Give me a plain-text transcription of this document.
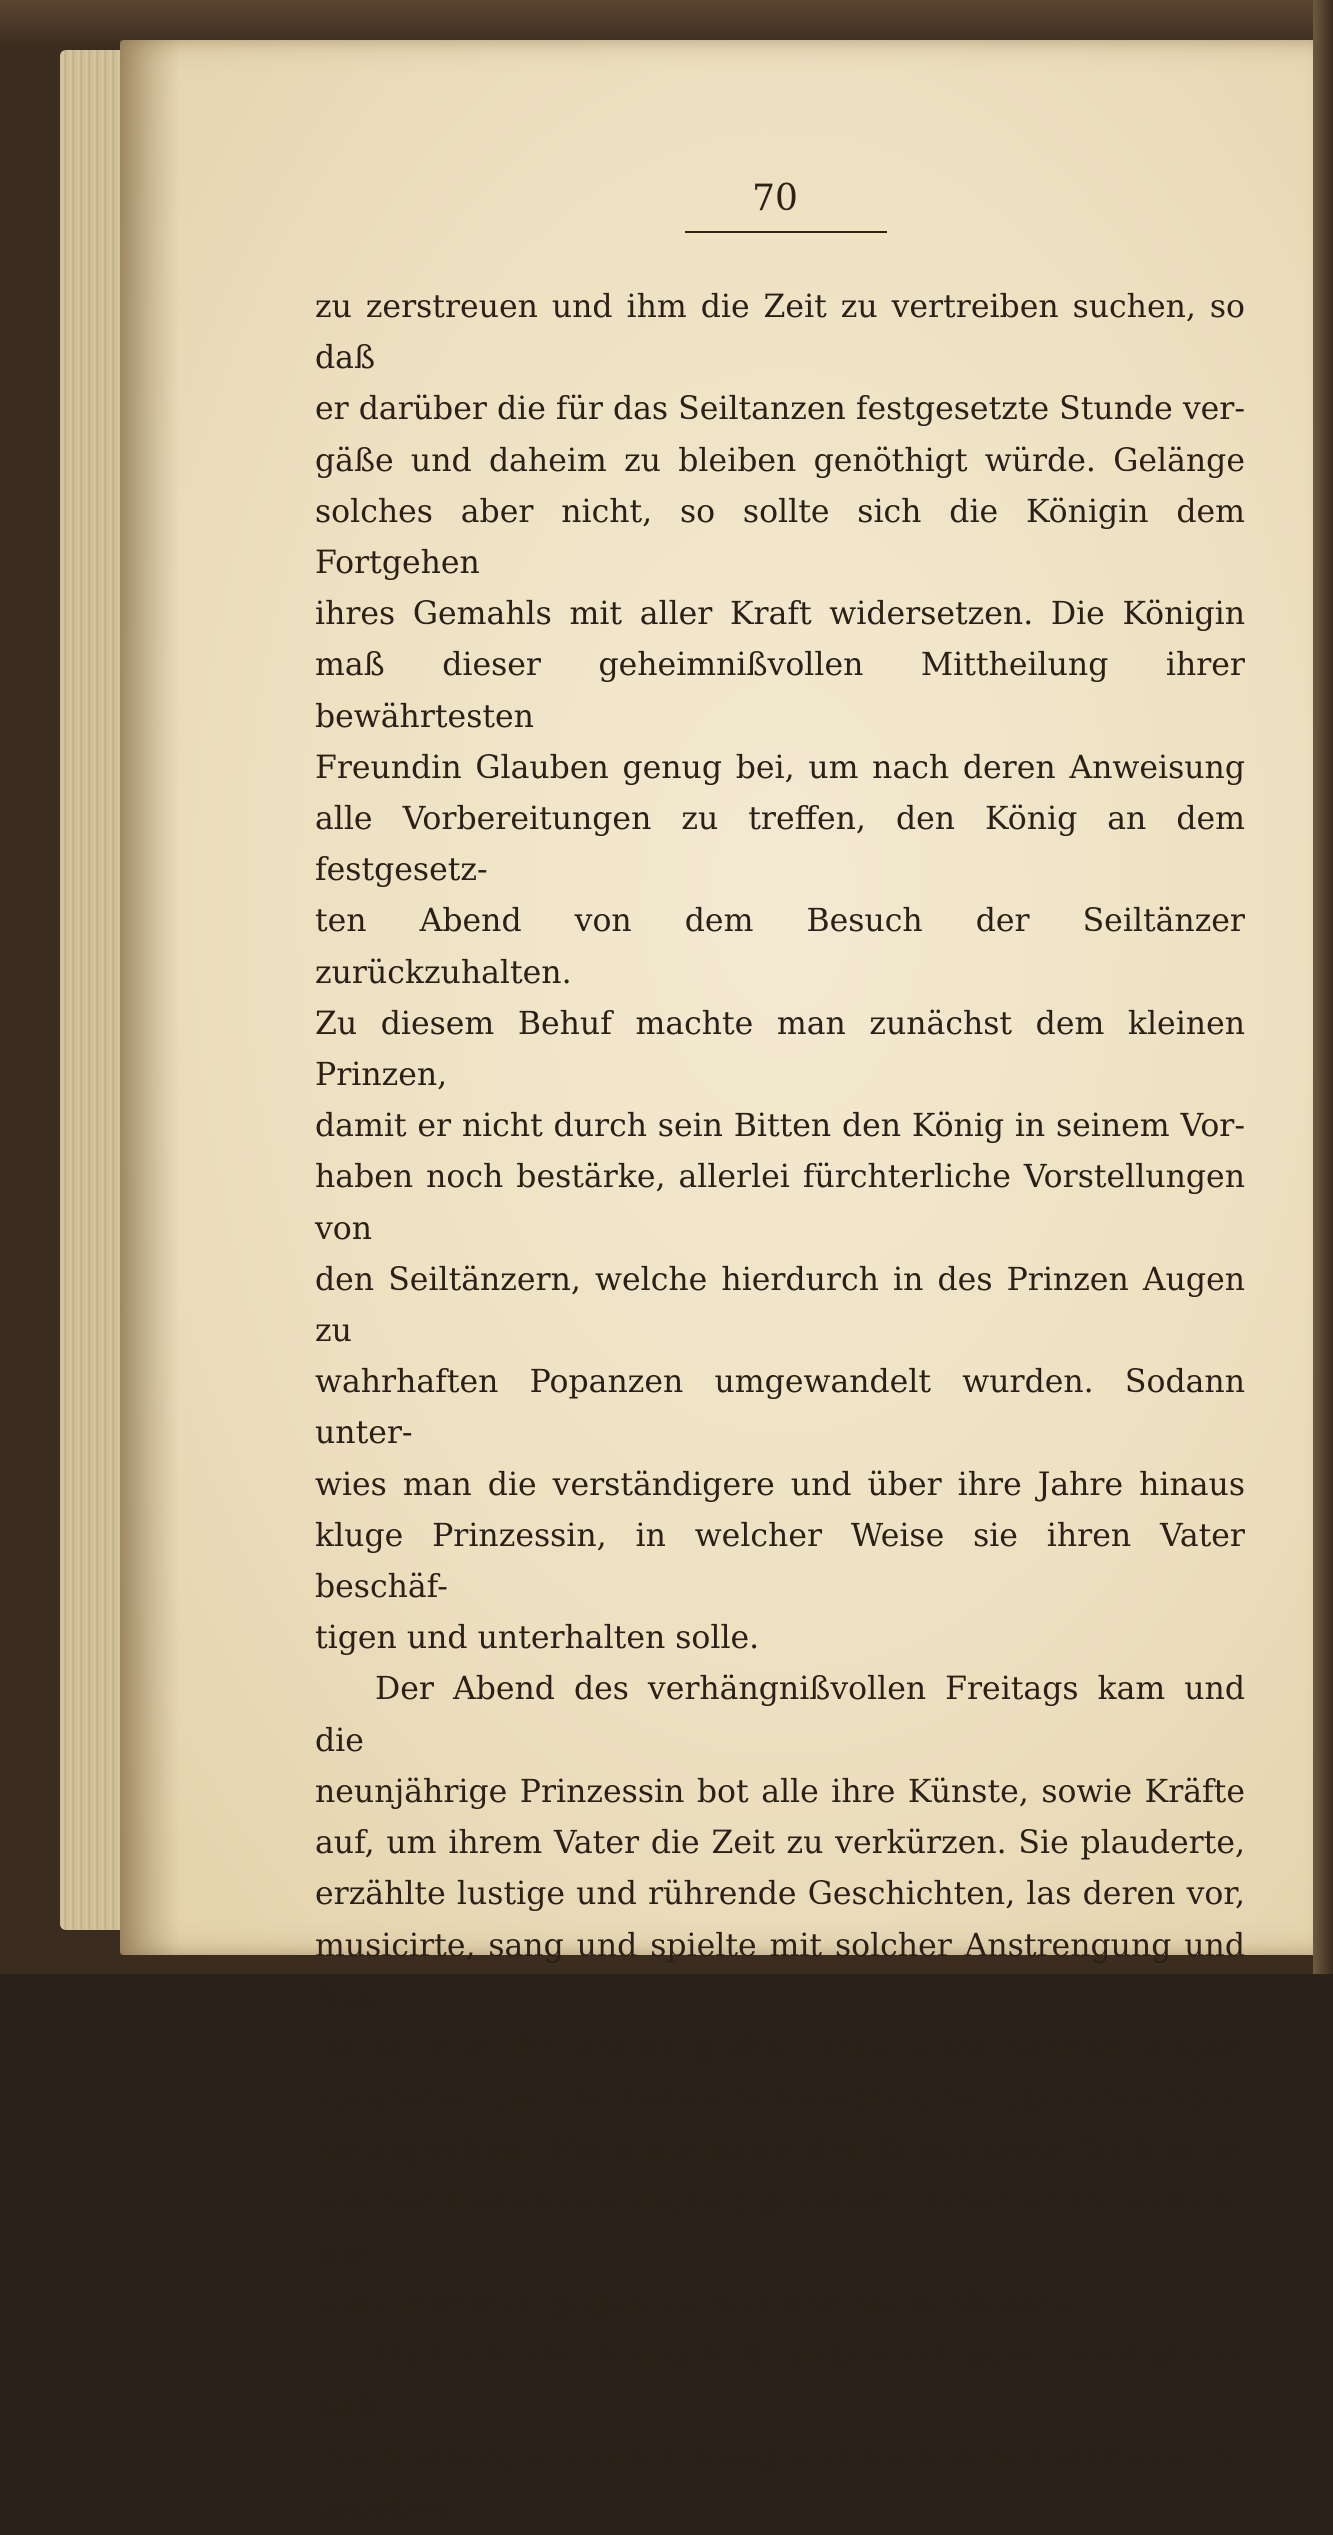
70

zu zerstreuen und ihm die Zeit zu vertreiben suchen, so daß

er darüber die für das Seiltanzen festgesetzte Stunde ver-

gäße und daheim zu bleiben genöthigt würde. Gelänge

solches aber nicht, so sollte sich die Königin dem Fortgehen

ihres Gemahls mit aller Kraft widersetzen. Die Königin

maß dieser geheimnißvollen Mittheilung ihrer bewährtesten

Freundin Glauben genug bei, um nach deren Anweisung

alle Vorbereitungen zu treffen, den König an dem festgesetz-

ten Abend von dem Besuch der Seiltänzer zurückzuhalten.

Zu diesem Behuf machte man zunächst dem kleinen Prinzen,

damit er nicht durch sein Bitten den König in seinem Vor-

haben noch bestärke, allerlei fürchterliche Vorstellungen von

den Seiltänzern, welche hierdurch in des Prinzen Augen zu

wahrhaften Popanzen umgewandelt wurden. Sodann unter-

wies man die verständigere und über ihre Jahre hinaus

kluge Prinzessin, in welcher Weise sie ihren Vater beschäf-

tigen und unterhalten solle.

Der Abend des verhängnißvollen Freitags kam und die

neunjährige Prinzessin bot alle ihre Künste, sowie Kräfte

auf, um ihrem Vater die Zeit zu verkürzen. Sie plauderte,

erzählte lustige und rührende Geschichten, las deren vor,

musicirte, sang und spielte mit solcher Anstrengung und Aus-

dauer, daß ihr Antlitz glühte, ihre sonst sanften Augen

sprüheten und die hellen Schweißtropfen über ihre Stirn

herabperlten. Noch nie hatte der König seine Tochter in

solcher Liebenswürdigkeit gesehen, daher er freundlich, wie

sonst nimmer, gegen sie war und sie liebkosete.

Da hörte der König halb sieben schlagen, weshalb er sich

rasch erhob, um sich hinweg und nach dem Rathhause zu begeben.
